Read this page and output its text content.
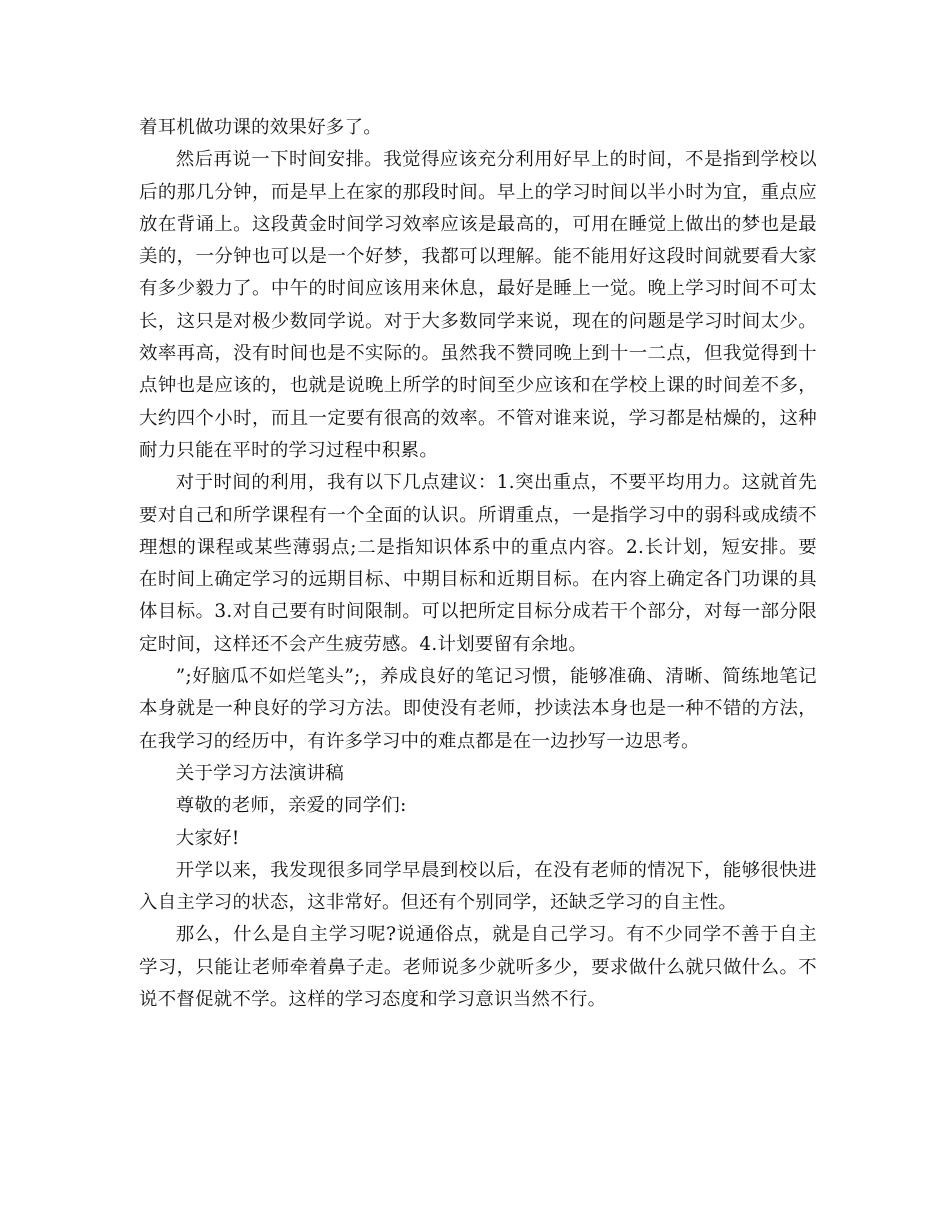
着耳机做功课的效果好多了。

然后再说一下时间安排。我觉得应该充分利用好早上的时间，不是指到学校以后的那几分钟，而是早上在家的那段时间。早上的学习时间以半小时为宜，重点应放在背诵上。这段黄金时间学习效率应该是最高的，可用在睡觉上做出的梦也是最美的，一分钟也可以是一个好梦，我都可以理解。能不能用好这段时间就要看大家有多少毅力了。中午的时间应该用来休息，最好是睡上一觉。晚上学习时间不可太长，这只是对极少数同学说。对于大多数同学来说，现在的问题是学习时间太少。效率再高，没有时间也是不实际的。虽然我不赞同晚上到十一二点，但我觉得到十点钟也是应该的，也就是说晚上所学的时间至少应该和在学校上课的时间差不多，大约四个小时，而且一定要有很高的效率。不管对谁来说，学习都是枯燥的，这种耐力只能在平时的学习过程中积累。

对于时间的利用，我有以下几点建议：1.突出重点，不要平均用力。这就首先要对自己和所学课程有一个全面的认识。所谓重点，一是指学习中的弱科或成绩不理想的课程或某些薄弱点;二是指知识体系中的重点内容。2.长计划，短安排。要在时间上确定学习的远期目标、中期目标和近期目标。在内容上确定各门功课的具体目标。3.对自己要有时间限制。可以把所定目标分成若干个部分，对每一部分限定时间，这样还不会产生疲劳感。4.计划要留有余地。

”;好脑瓜不如烂笔头”;，养成良好的笔记习惯，能够准确、清晰、简练地笔记本身就是一种良好的学习方法。即使没有老师，抄读法本身也是一种不错的方法，在我学习的经历中，有许多学习中的难点都是在一边抄写一边思考。

关于学习方法演讲稿

尊敬的老师，亲爱的同学们:

大家好!

开学以来，我发现很多同学早晨到校以后，在没有老师的情况下，能够很快进入自主学习的状态，这非常好。但还有个别同学，还缺乏学习的自主性。

那么，什么是自主学习呢?说通俗点，就是自己学习。有不少同学不善于自主学习，只能让老师牵着鼻子走。老师说多少就听多少，要求做什么就只做什么。不说不督促就不学。这样的学习态度和学习意识当然不行。
